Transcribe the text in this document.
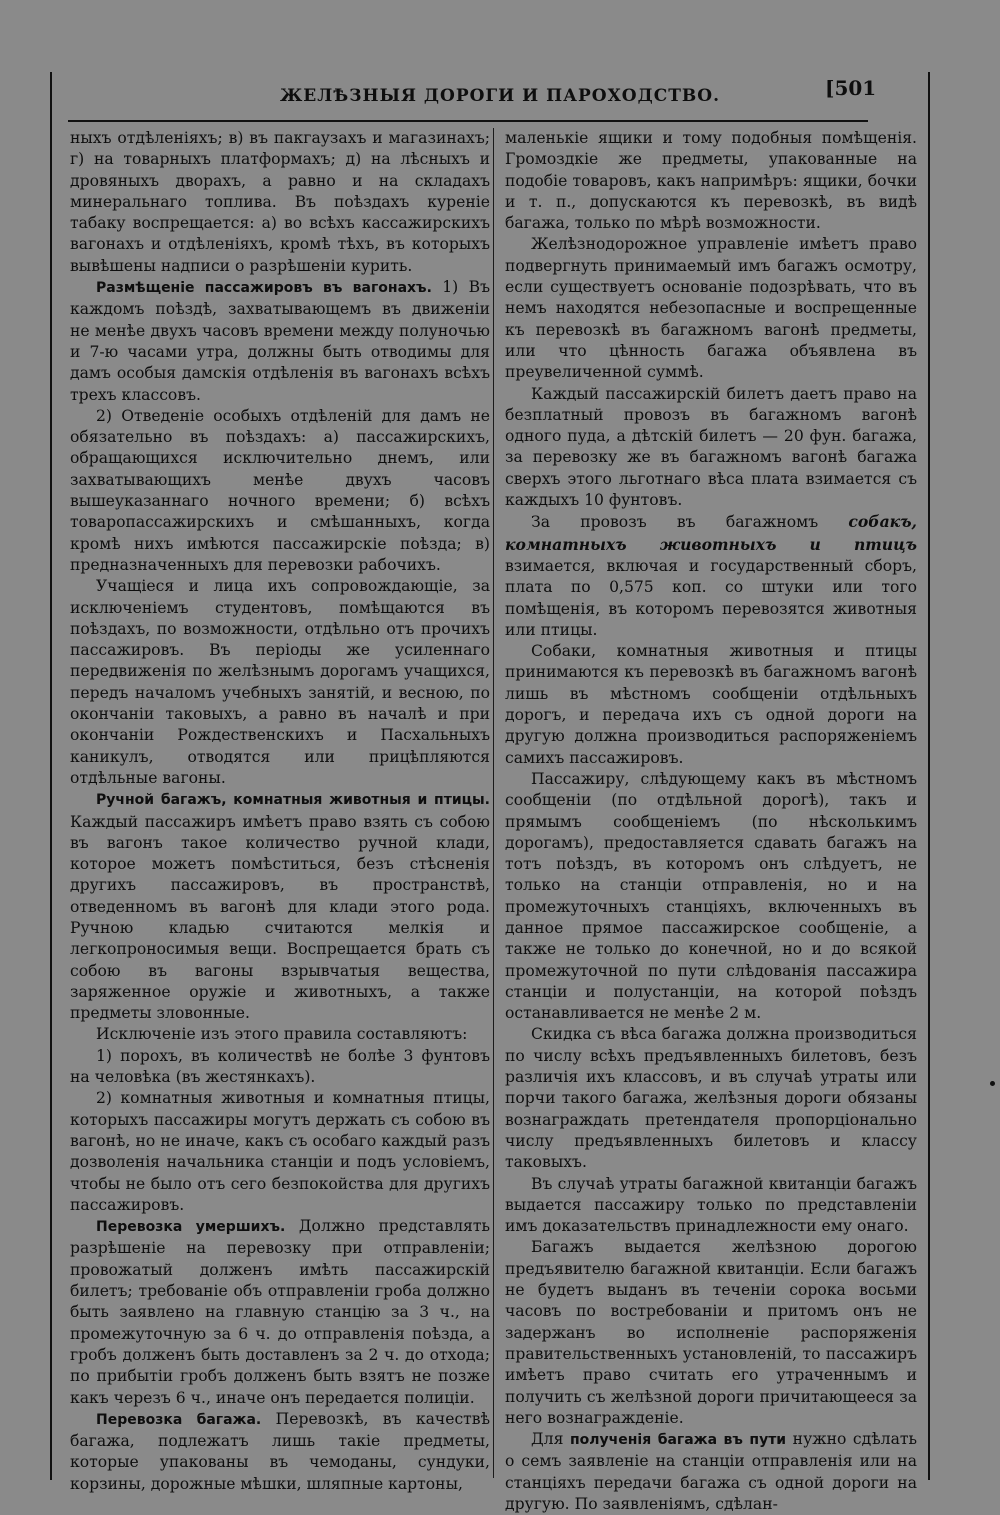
ЖЕЛѢЗНЫЯ ДОРОГИ И ПАРОХОДСТВО.	[501

ныхъ отдѣленіяхъ; в) въ пакгаузахъ и магазинахъ; г) на товарныхъ платформахъ; д) на лѣсныхъ и дровяныхъ дворахъ, а равно и на складахъ минеральнаго топлива. Въ поѣздахъ куреніе табаку воспрещается: а) во всѣхъ кассажирскихъ вагонахъ и отдѣленіяхъ, кромѣ тѣхъ, въ которыхъ вывѣшены надписи о разрѣшеніи курить.

Размѣщеніе пассажировъ въ вагонахъ. 1) Въ каждомъ поѣздѣ, захватывающемъ въ движеніи не менѣе двухъ часовъ времени между полуночью и 7-ю часами утра, должны быть отводимы для дамъ особыя дамскія отдѣленія въ вагонахъ всѣхъ трехъ классовъ.

2) Отведеніе особыхъ отдѣленій для дамъ не обязательно въ поѣздахъ: а) пассажирскихъ, обращающихся исключительно днемъ, или захватывающихъ менѣе двухъ часовъ вышеуказаннаго ночного времени; б) всѣхъ товаропассажирскихъ и смѣшанныхъ, когда кромѣ нихъ имѣются пассажирскіе поѣзда; в) предназначенныхъ для перевозки рабочихъ.

Учащіеся и лица ихъ сопровождающіе, за исключеніемъ студентовъ, помѣщаются въ поѣздахъ, по возможности, отдѣльно отъ прочихъ пассажировъ. Въ періоды же усиленнаго передвиженія по желѣзнымъ дорогамъ учащихся, передъ началомъ учебныхъ занятій, и весною, по окончаніи таковыхъ, а равно въ началѣ и при окончаніи Рождественскихъ и Пасхальныхъ каникулъ, отводятся или прицѣпляются отдѣльные вагоны.

Ручной багажъ, комнатныя животныя и птицы. Каждый пассажиръ имѣетъ право взять съ собою въ вагонъ такое количество ручной клади, которое можетъ помѣститься, безъ стѣсненія другихъ пассажировъ, въ пространствѣ, отведенномъ въ вагонѣ для клади этого рода. Ручною кладью считаются мелкія и легкопроносимыя вещи. Воспрещается брать съ собою въ вагоны взрывчатыя вещества, заряженное оружіе и животныхъ, а также предметы зловонные.

Исключеніе изъ этого правила составляютъ:

1) порохъ, въ количествѣ не болѣе 3 фунтовъ на человѣка (въ жестянкахъ).

2) комнатныя животныя и комнатныя птицы, которыхъ пассажиры могутъ держать съ собою въ вагонѣ, но не иначе, какъ съ особаго каждый разъ дозволенія начальника станціи и подъ условіемъ, чтобы не было отъ сего безпокойства для другихъ пассажировъ.

Перевозка умершихъ. Должно представлять разрѣшеніе на перевозку при отправленіи; провожатый долженъ имѣть пассажирскій билетъ; требованіе объ отправленіи гроба должно быть заявлено на главную станцію за 3 ч., на промежуточную за 6 ч. до отправленія поѣзда, а гробъ долженъ быть доставленъ за 2 ч. до отхода; по прибытіи гробъ долженъ быть взятъ не позже какъ черезъ 6 ч., иначе онъ передается полиціи.

Перевозка багажа. Перевозкѣ, въ качествѣ багажа, подлежатъ лишь такіе предметы, которые упакованы въ чемоданы, сундуки, корзины, дорожные мѣшки, шляпные картоны,

маленькіе ящики и тому подобныя помѣщенія. Громоздкіе же предметы, упакованные на подобіе товаровъ, какъ напримѣръ: ящики, бочки и т. п., допускаются къ перевозкѣ, въ видѣ багажа, только по мѣрѣ возможности.

Желѣзнодорожное управленіе имѣетъ право подвергнуть принимаемый имъ багажъ осмотру, если существуетъ основаніе подозрѣвать, что въ немъ находятся небезопасные и воспрещенные къ перевозкѣ въ багажномъ вагонѣ предметы, или что цѣнность багажа объявлена въ преувеличенной суммѣ.

Каждый пассажирскій билетъ даетъ право на безплатный провозъ въ багажномъ вагонѣ одного пуда, а дѣтскій билетъ — 20 фун. багажа, за перевозку же въ багажномъ вагонѣ багажа сверхъ этого льготнаго вѣса плата взимается съ каждыхъ 10 фунтовъ.

За провозъ въ багажномъ собакъ, комнатныхъ животныхъ и птицъ взимается, включая и государственный сборъ, плата по 0,575 коп. со штуки или того помѣщенія, въ которомъ перевозятся животныя или птицы.

Собаки, комнатныя животныя и птицы принимаются къ перевозкѣ въ багажномъ вагонѣ лишь въ мѣстномъ сообщеніи отдѣльныхъ дорогъ, и передача ихъ съ одной дороги на другую должна производиться распоряженіемъ самихъ пассажировъ.

Пассажиру, слѣдующему какъ въ мѣстномъ сообщеніи (по отдѣльной дорогѣ), такъ и прямымъ сообщеніемъ (по нѣсколькимъ дорогамъ), предоставляется сдавать багажъ на тотъ поѣздъ, въ которомъ онъ слѣдуетъ, не только на станціи отправленія, но и на промежуточныхъ станціяхъ, включенныхъ въ данное прямое пассажирское сообщеніе, а также не только до конечной, но и до всякой промежуточной по пути слѣдованія пассажира станціи и полустанціи, на которой поѣздъ останавливается не менѣе 2 м.

Скидка съ вѣса багажа должна производиться по числу всѣхъ предъявленныхъ билетовъ, безъ различія ихъ классовъ, и въ случаѣ утраты или порчи такого багажа, желѣзныя дороги обязаны вознаграждать претендателя пропорціонально числу предъявленныхъ билетовъ и классу таковыхъ.

Въ случаѣ утраты багажной квитанціи багажъ выдается пассажиру только по представленіи имъ доказательствъ принадлежности ему онаго.

Багажъ выдается желѣзною дорогою предъявителю багажной квитанціи. Если багажъ не будетъ выданъ въ теченіи сорока восьми часовъ по востребованіи и притомъ онъ не задержанъ во исполненіе распоряженія правительственныхъ установленій, то пассажиръ имѣетъ право считать его утраченнымъ и получить съ желѣзной дороги причитающееся за него вознагражденіе.

Для полученія багажа въ пути нужно сдѣлать о семъ заявленіе на станціи отправленія или на станціяхъ передачи багажа съ одной дороги на другую. По заявленіямъ, сдѣлан-
